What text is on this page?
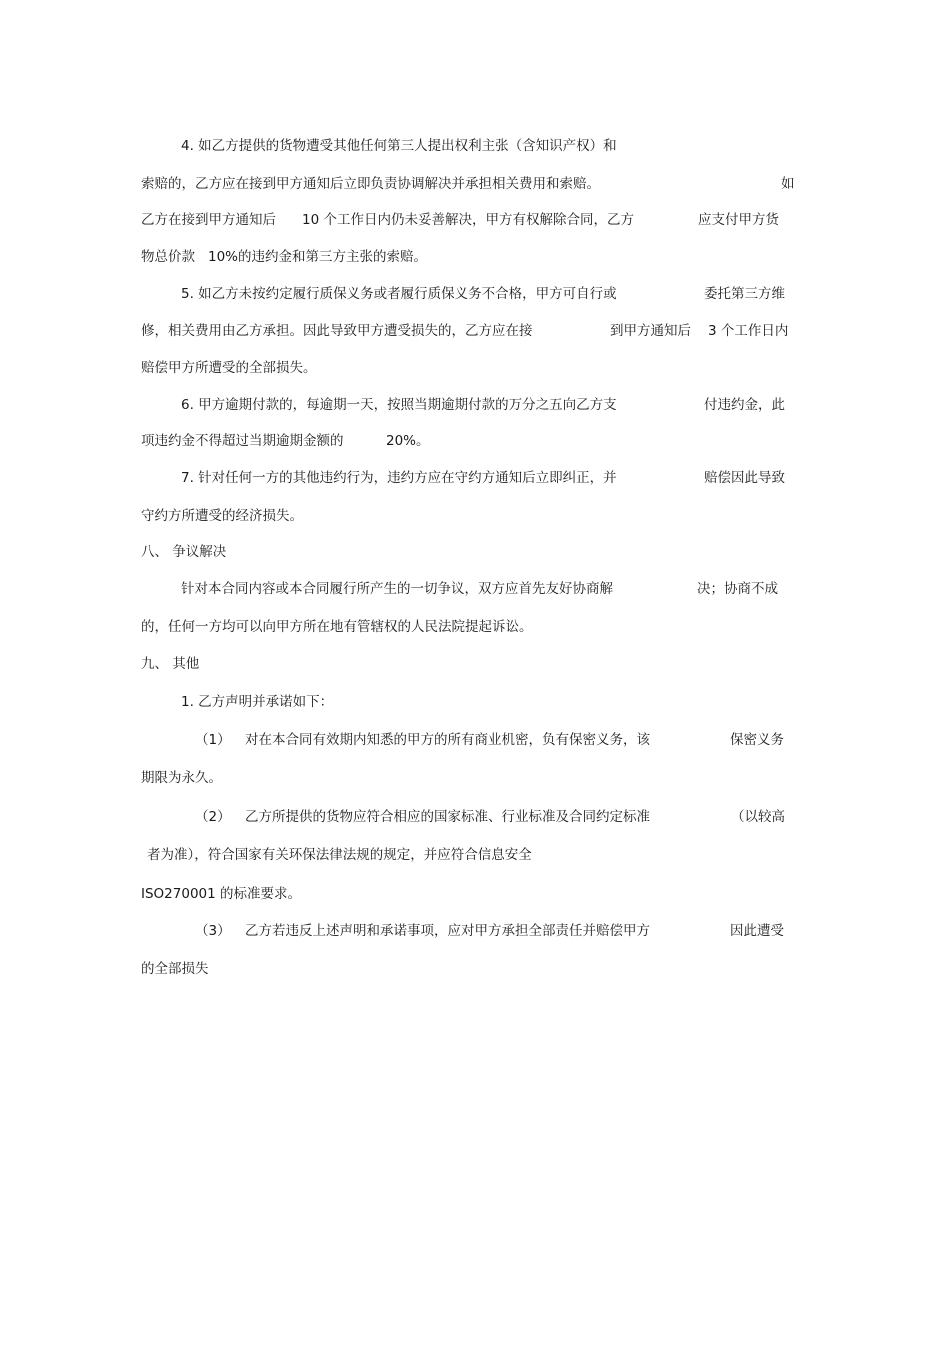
4. 如乙方提供的货物遭受其他任何第三人提出权利主张（含知识产权）和
索赔的，乙方应在接到甲方通知后立即负责协调解决并承担相关费用和索赔。	如
乙方在接到甲方通知后 10 个工作日内仍未妥善解决，甲方有权解除合同，乙方	应支付甲方货
物总价款 10%的违约金和第三方主张的索赔。
5. 如乙方未按约定履行质保义务或者履行质保义务不合格，甲方可自行或	委托第三方维
修，相关费用由乙方承担。因此导致甲方遭受损失的，乙方应在接	到甲方通知后 3 个工作日内
赔偿甲方所遭受的全部损失。
6. 甲方逾期付款的，每逾期一天，按照当期逾期付款的万分之五向乙方支	付违约金，此
项违约金不得超过当期逾期金额的	20%。
7. 针对任何一方的其他违约行为，违约方应在守约方通知后立即纠正，并	赔偿因此导致
守约方所遭受的经济损失。
八、 争议解决
针对本合同内容或本合同履行所产生的一切争议，双方应首先友好协商解	决；协商不成
的，任何一方均可以向甲方所在地有管辖权的人民法院提起诉讼。
九、 其他
1. 乙方声明并承诺如下：
（1） 对在本合同有效期内知悉的甲方的所有商业机密，负有保密义务，该	保密义务
期限为永久。
（2） 乙方所提供的货物应符合相应的国家标准、行业标准及合同约定标准	（以较高
者为准），符合国家有关环保法律法规的规定，并应符合信息安全
ISO270001 的标准要求。
（3） 乙方若违反上述声明和承诺事项，应对甲方承担全部责任并赔偿甲方	因此遭受
的全部损失
